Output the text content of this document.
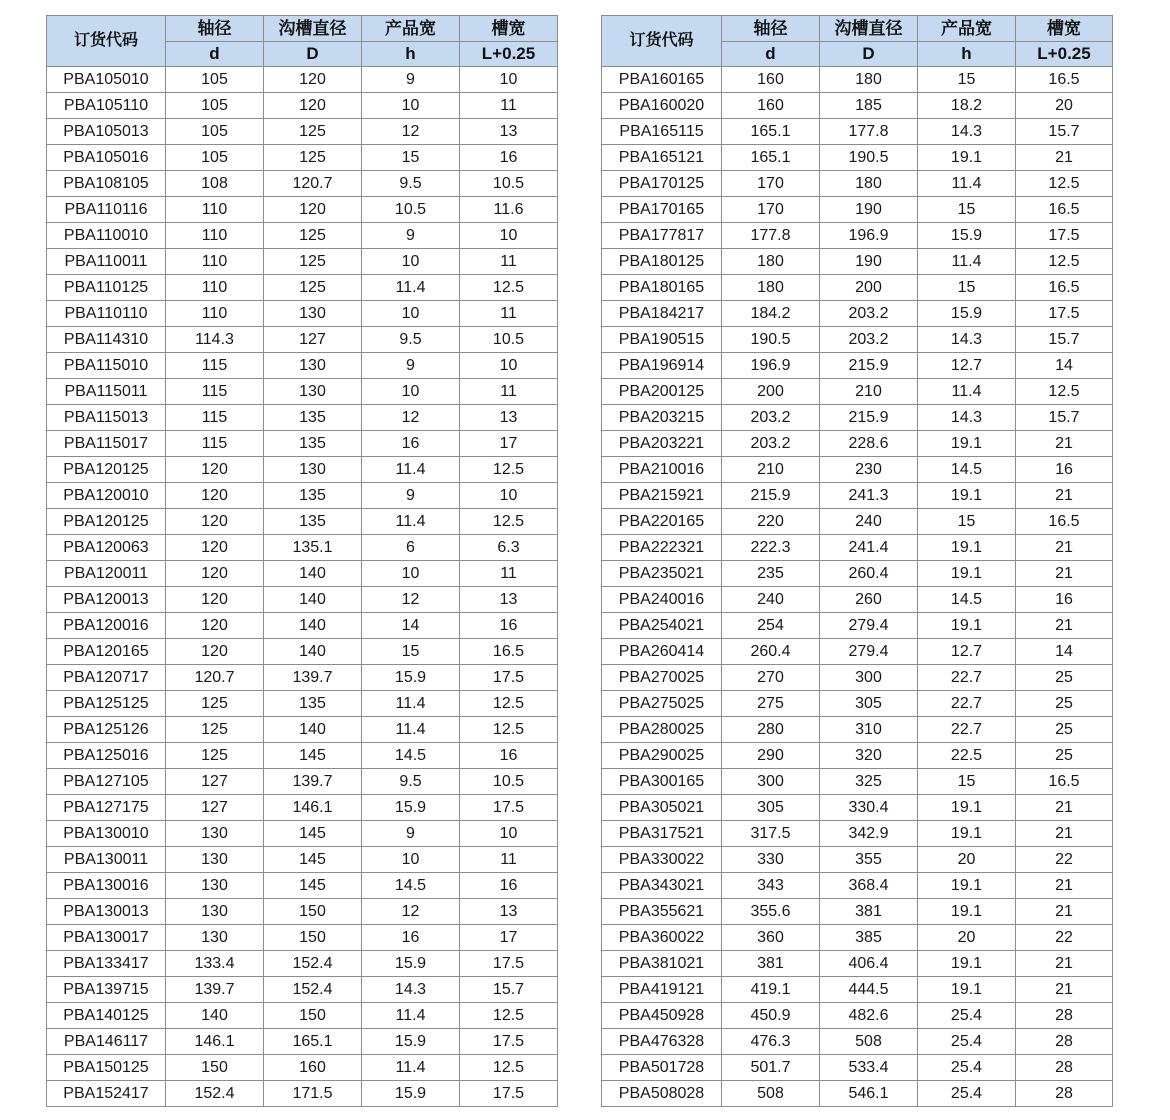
订货代码	轴径	沟槽直径	产品宽	槽宽
	d	D	h	L+0.25
PBA105010	105	120	9	10
PBA105110	105	120	10	11
PBA105013	105	125	12	13
PBA105016	105	125	15	16
PBA108105	108	120.7	9.5	10.5
PBA110116	110	120	10.5	11.6
PBA110010	110	125	9	10
PBA110011	110	125	10	11
PBA110125	110	125	11.4	12.5
PBA110110	110	130	10	11
PBA114310	114.3	127	9.5	10.5
PBA115010	115	130	9	10
PBA115011	115	130	10	11
PBA115013	115	135	12	13
PBA115017	115	135	16	17
PBA120125	120	130	11.4	12.5
PBA120010	120	135	9	10
PBA120125	120	135	11.4	12.5
PBA120063	120	135.1	6	6.3
PBA120011	120	140	10	11
PBA120013	120	140	12	13
PBA120016	120	140	14	16
PBA120165	120	140	15	16.5
PBA120717	120.7	139.7	15.9	17.5
PBA125125	125	135	11.4	12.5
PBA125126	125	140	11.4	12.5
PBA125016	125	145	14.5	16
PBA127105	127	139.7	9.5	10.5
PBA127175	127	146.1	15.9	17.5
PBA130010	130	145	9	10
PBA130011	130	145	10	11
PBA130016	130	145	14.5	16
PBA130013	130	150	12	13
PBA130017	130	150	16	17
PBA133417	133.4	152.4	15.9	17.5
PBA139715	139.7	152.4	14.3	15.7
PBA140125	140	150	11.4	12.5
PBA146117	146.1	165.1	15.9	17.5
PBA150125	150	160	11.4	12.5
PBA152417	152.4	171.5	15.9	17.5
订货代码	轴径	沟槽直径	产品宽	槽宽
	d	D	h	L+0.25
PBA160165	160	180	15	16.5
PBA160020	160	185	18.2	20
PBA165115	165.1	177.8	14.3	15.7
PBA165121	165.1	190.5	19.1	21
PBA170125	170	180	11.4	12.5
PBA170165	170	190	15	16.5
PBA177817	177.8	196.9	15.9	17.5
PBA180125	180	190	11.4	12.5
PBA180165	180	200	15	16.5
PBA184217	184.2	203.2	15.9	17.5
PBA190515	190.5	203.2	14.3	15.7
PBA196914	196.9	215.9	12.7	14
PBA200125	200	210	11.4	12.5
PBA203215	203.2	215.9	14.3	15.7
PBA203221	203.2	228.6	19.1	21
PBA210016	210	230	14.5	16
PBA215921	215.9	241.3	19.1	21
PBA220165	220	240	15	16.5
PBA222321	222.3	241.4	19.1	21
PBA235021	235	260.4	19.1	21
PBA240016	240	260	14.5	16
PBA254021	254	279.4	19.1	21
PBA260414	260.4	279.4	12.7	14
PBA270025	270	300	22.7	25
PBA275025	275	305	22.7	25
PBA280025	280	310	22.7	25
PBA290025	290	320	22.5	25
PBA300165	300	325	15	16.5
PBA305021	305	330.4	19.1	21
PBA317521	317.5	342.9	19.1	21
PBA330022	330	355	20	22
PBA343021	343	368.4	19.1	21
PBA355621	355.6	381	19.1	21
PBA360022	360	385	20	22
PBA381021	381	406.4	19.1	21
PBA419121	419.1	444.5	19.1	21
PBA450928	450.9	482.6	25.4	28
PBA476328	476.3	508	25.4	28
PBA501728	501.7	533.4	25.4	28
PBA508028	508	546.1	25.4	28
